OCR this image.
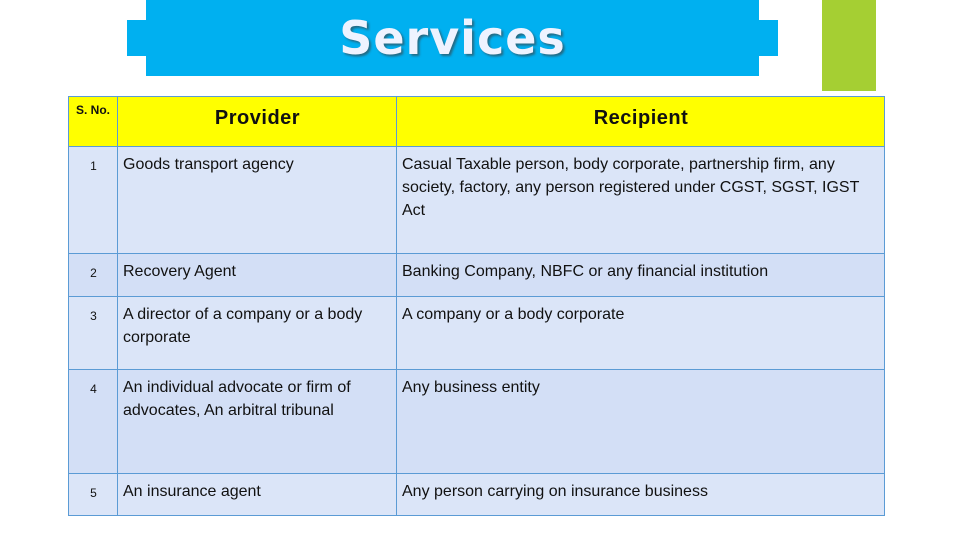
Services
S. No.	Provider	Recipient
1	Goods transport agency	Casual Taxable person, body corporate, partnership firm, any society, factory, any person registered under CGST, SGST, IGST Act
2	Recovery Agent	Banking Company, NBFC or any financial institution
3	A director of a company or a body corporate	A company or a body corporate
4	An individual advocate or firm of advocates, An arbitral tribunal	Any business entity
5	An insurance agent	Any person carrying on insurance business
